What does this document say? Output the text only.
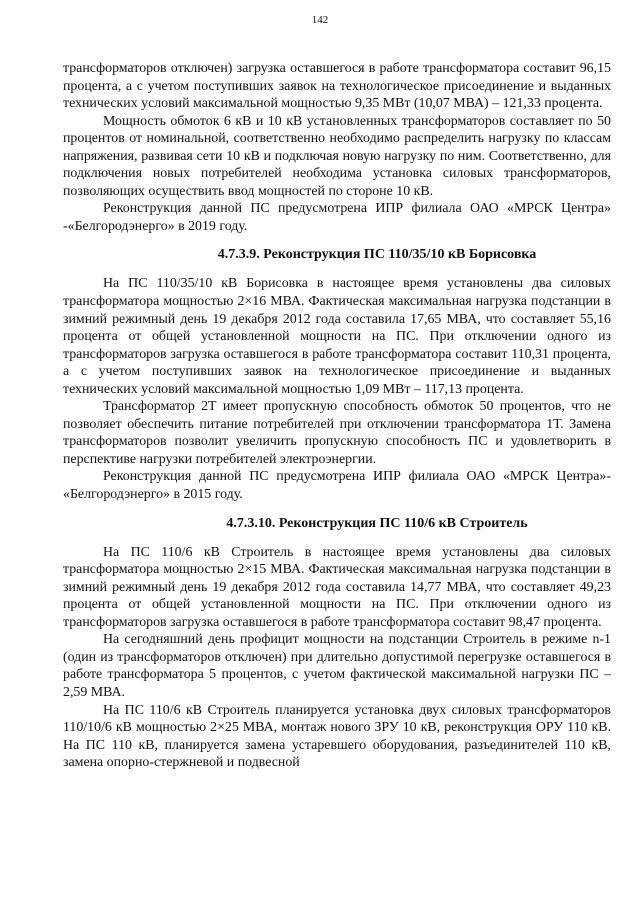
142

трансформаторов отключен) загрузка оставшегося в работе трансформатора составит 96,15 процента, а с учетом поступивших заявок на технологическое присоединение и выданных технических условий максимальной мощностью 9,35 МВт (10,07 МВА) – 121,33 процента.

Мощность обмоток 6 кВ и 10 кВ установленных трансформаторов составляет по 50 процентов от номинальной, соответственно необходимо распределить нагрузку по классам напряжения, развивая сети 10 кВ и подключая новую нагрузку по ним. Соответственно, для подключения новых потребителей необходима установка силовых трансформаторов, позволяющих осуществить ввод мощностей по стороне 10 кВ.

Реконструкция данной ПС предусмотрена ИПР филиала ОАО «МРСК Центра» -«Белгородэнерго» в 2019 году.

4.7.3.9. Реконструкция ПС 110/35/10 кВ Борисовка

На ПС 110/35/10 кВ Борисовка в настоящее время установлены два силовых трансформатора мощностью 2×16 МВА. Фактическая максимальная нагрузка подстанции в зимний режимный день 19 декабря 2012 года составила 17,65 МВА, что составляет 55,16 процента от общей установленной мощности на ПС. При отключении одного из трансформаторов загрузка оставшегося в работе трансформатора составит 110,31 процента, а с учетом поступивших заявок на технологическое присоединение и выданных технических условий максимальной мощностью 1,09 МВт – 117,13 процента.

Трансформатор 2Т имеет пропускную способность обмоток 50 процентов, что не позволяет обеспечить питание потребителей при отключении трансформатора 1Т. Замена трансформаторов позволит увеличить пропускную способность ПС и удовлетворить в перспективе нагрузки потребителей электроэнергии.

Реконструкция данной ПС предусмотрена ИПР филиала ОАО «МРСК Центра»- «Белгородэнерго» в 2015 году.

4.7.3.10. Реконструкция ПС 110/6 кВ Строитель

На ПС 110/6 кВ Строитель в настоящее время установлены два силовых трансформатора мощностью 2×15 МВА. Фактическая максимальная нагрузка подстанции в зимний режимный день 19 декабря 2012 года составила 14,77 МВА, что составляет 49,23 процента от общей установленной мощности на ПС. При отключении одного из трансформаторов загрузка оставшегося в работе трансформатора составит 98,47 процента.

На сегодняшний день профицит мощности на подстанции Строитель в режиме n-1 (один из трансформаторов отключен) при длительно допустимой перегрузке оставшегося в работе трансформатора 5 процентов, с учетом фактической максимальной нагрузки ПС – 2,59 МВА.

На ПС 110/6 кВ Строитель планируется установка двух силовых трансформаторов 110/10/6 кВ мощностью 2×25 МВА, монтаж нового ЗРУ 10 кВ, реконструкция ОРУ 110 кВ. На ПС 110 кВ, планируется замена устаревшего оборудования, разъединителей 110 кВ, замена опорно-стержневой и подвесной
